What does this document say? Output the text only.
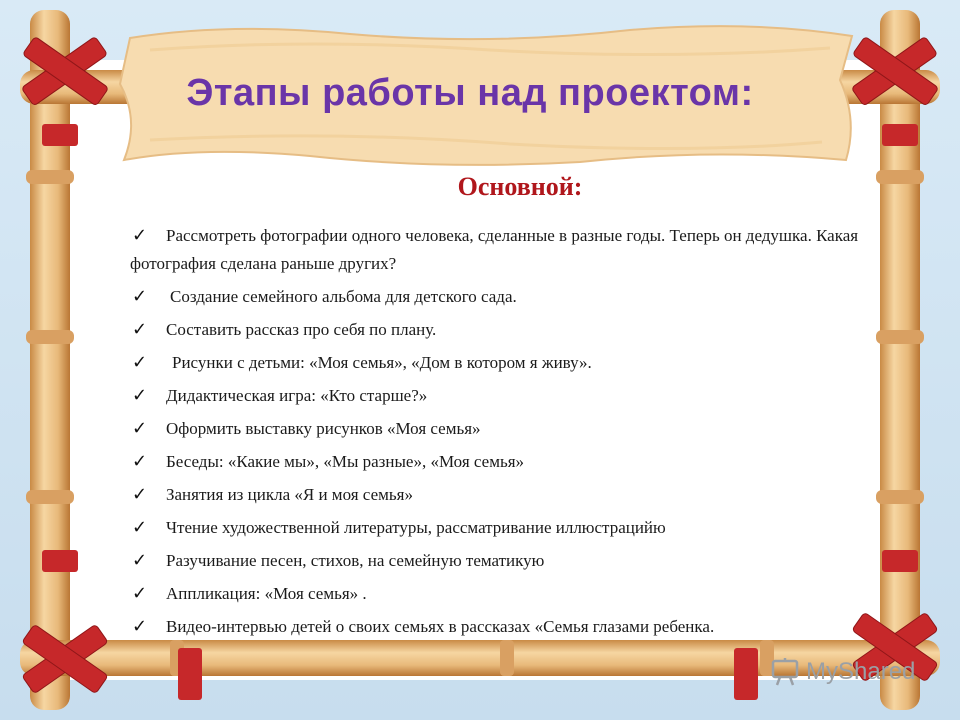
Этапы работы над проектом:
Основной:
✓ Рассмотреть фотографии одного человека, сделанные в разные годы. Теперь он дедушка. Какая фотография сделана раньше других?
✓ Создание семейного альбома для детского сада.
✓ Составить рассказ про себя по плану.
✓ Рисунки с детьми: «Моя семья», «Дом в котором я живу».
✓ Дидактическая игра: «Кто старше?»
✓ Оформить выставку рисунков «Моя семья»
✓ Беседы: «Какие мы», «Мы разные», «Моя семья»
✓ Занятия из цикла «Я и моя семья»
✓ Чтение художественной литературы, рассматривание иллюстрацийю
✓ Разучивание песен, стихов, на семейную тематикую
✓ Аппликация: «Моя семья» .
✓ Видео-интервью детей о своих семьях в рассказах «Семья глазами ребенка.
MyShared
